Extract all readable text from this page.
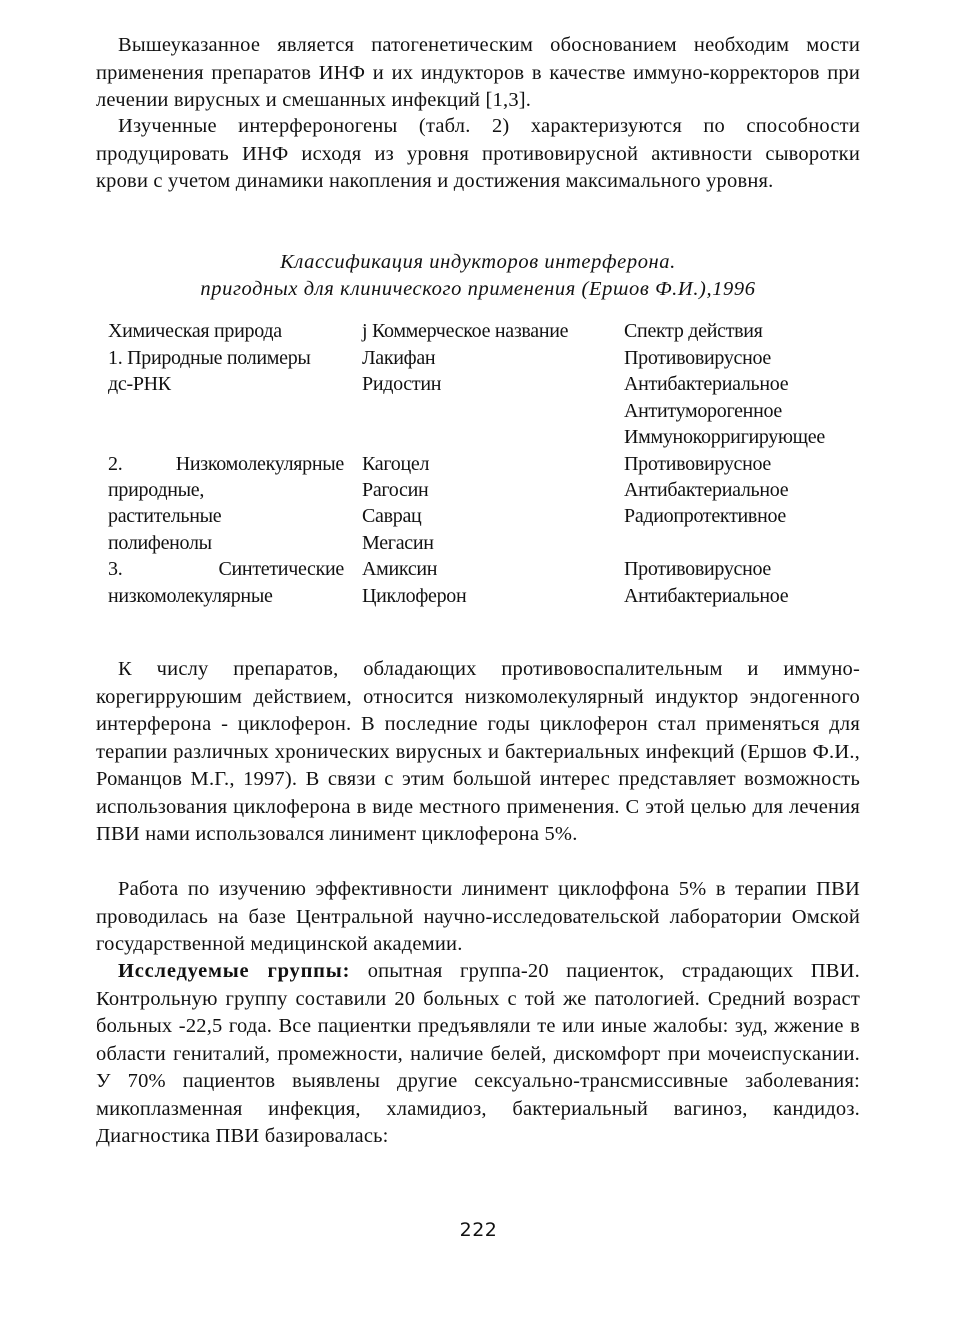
Вышеуказанное является патогенетическим обоснованием необходим мости применения препаратов ИНФ и их индукторов в качестве иммуно-корректоров при лечении вирусных и смешанных инфекций [1,3].

Изученные интерфероногены (табл. 2) характеризуются по способности продуцировать ИНФ исходя из уровня противовирусной активности сыворотки крови с учетом динамики накопления и достижения максимального уровня.

Классификация индукторов интерферона.

пригодных для клинического применения (Ершов Ф.И.),1996

Химическая природа	j Коммерческое название	Спектр действия
1. Природные полимеры	Лакифан	Противовирусное
дс-РНК	Ридостин	Антибактериальное
		Антитуморогенное
		Иммунокорригирующее

2. Низкомолекулярные	Кагоцел	Противовирусное
природные,	Рагосин	Антибактериальное
растительные	Саврац	Радиопротективное
полифенолы	Мегасин	

3. Синтетические	Амиксин	Противовирусное
низкомолекулярные	Циклоферон	Антибактериальное

К числу препаратов, обладающих противовоспалительным и иммуно-корегирруюшим действием, относится низкомолекулярный индуктор эндогенного интерферона - циклоферон. В последние годы циклоферон стал применяться для терапии различных хронических вирусных и бактериальных инфекций (Ершов Ф.И., Романцов М.Г., 1997). В связи с этим большой интерес представляет возможность использования циклоферона в виде местного применения. С этой целью для лечения ПВИ нами использовался линимент циклоферона 5%.

Работа по изучению эффективности линимент циклоффона 5% в терапии ПВИ проводилась на базе Центральной научно-исследовательской лаборатории Омской государственной медицинской академии.

Исследуемые группы: опытная группа-20 пациенток, страдающих ПВИ. Контрольную группу составили 20 больных с той же патологией. Средний возраст больных -22,5 года. Все пациентки предъявляли те или иные жалобы: зуд, жжение в области гениталий, промежности, наличие белей, дискомфорт при мочеиспускании. У 70% пациентов выявлены другие сексуально-трансмиссивные заболевания: микоплазменная инфекция, хламидиоз, бактериальный вагиноз, кандидоз. Диагностика ПВИ базировалась:

222
